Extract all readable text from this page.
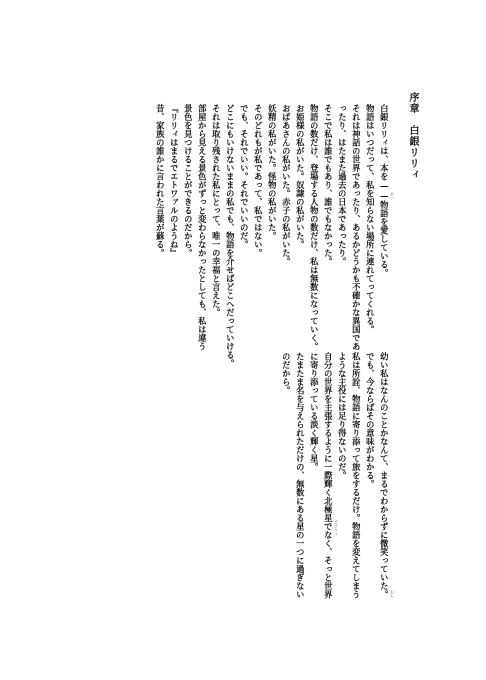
序章　白銀リリィ
白銀リリィは、本を——物語を愛している。
物語はいつだって、私を知らない場所に連れてってくれる。
それは神話の世界であったり、あるかどうかも不確かな異国であ
ったり、はたまた過去の日本であったり。
そこで私は誰でもあり、誰でもなかった。
物語の数だけ、登場する人物の数だけ、私は無数になっていく。
お姫様の私がいた。奴隷の私がいた。
おばあさんの私がいた。赤子の私がいた。
妖精の私がいた。怪物の私がいた。
そのどれもが私であって、私ではない。
でも、それでいい。それでいいのだ。
どこにもいけないままの私でも、物語を介せばどこへだっていける。
それは取り残された私にとって、唯一の幸福と言えた。
部屋から見える景色がずっと変わらなかったとしても、私は違う
景色を見つけることができるのだから。
『リリィはまるでエトワァルのようね』
昔、家族の誰かに言われた言葉が蘇る。
幼い私はなんのことかなんて、まるでわからずに微笑っていた。
でも、今ならばその意味がわかる。
私は所詮、物語に寄り添って旅をするだけ。物語を変えてしまう
ような主役には足り得ないのだ。
自分の世界を主張するように一際輝く北極星でなく、そっと世界
に寄り添っている淡く輝く星。
たまたま名を与えられただけの、無数にある星の一つに過ぎない
のだから。
あい
ポラリス
わら
